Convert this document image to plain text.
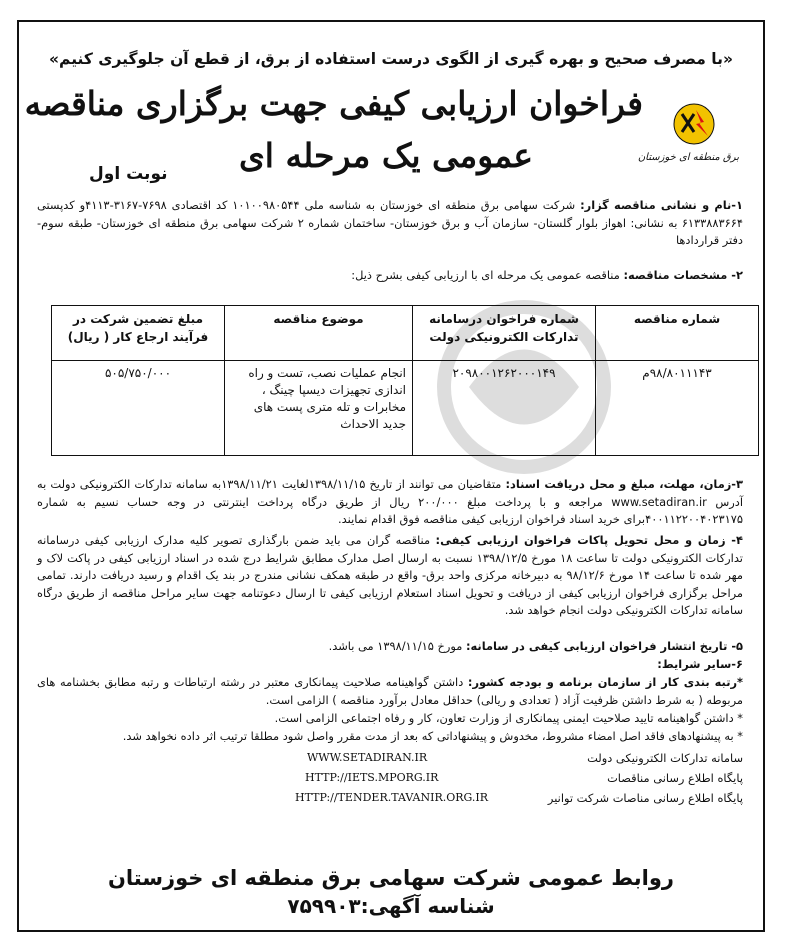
«با مصرف صحیح و بهره گیری از الگوی درست استفاده از برق، از قطع آن جلوگیری کنیم»
برق منطقه ای خوزستان
فراخوان ارزیابی کیفی جهت برگزاری مناقصه
عمومی یک مرحله ای
نوبت اول
۱-نام و نشانی مناقصه گزار: شرکت سهامی برق منطقه ای خوزستان به شناسه ملی ۱۰۱۰۰۹۸۰۵۴۴ کد اقتصادی ۷۶۹۸-۳۱۶۷-۴۱۱۳و کدپستی ۶۱۳۳۸۸۳۶۶۴ به نشانی: اهواز بلوار گلستان- سازمان آب و برق خوزستان- ساختمان شماره ۲ شرکت سهامی برق منطقه ای خوزستان- طبقه سوم- دفتر قراردادها
۲- مشخصات مناقصه: مناقصه عمومی یک مرحله ای با ارزیابی کیفی بشرح ذیل:
شماره مناقصه	شماره فراخوان درسامانه تدارکات الکترونیکی دولت	موضوع مناقصه	مبلغ تضمین شرکت در فرآیند ارجاع کار ( ریال)
۹۸/۸۰۱۱۱۴۳م	۲۰۹۸۰۰۱۲۶۲۰۰۰۱۴۹	انجام عملیات نصب، تست و راه اندازی تجهیزات دیسپا چینگ ، مخابرات و تله متری پست های جدید الاحداث	۵۰۵/۷۵۰/۰۰۰
۳-زمان، مهلت، مبلغ و محل دریافت اسناد: متقاضیان می توانند از تاریخ ۱۳۹۸/۱۱/۱۵لغایت ۱۳۹۸/۱۱/۲۱به سامانه تدارکات الکترونیکی دولت به آدرس www.setadiran.ir مراجعه و با پرداخت مبلغ ۲۰۰/۰۰۰ ریال از طریق درگاه پرداخت اینترنتی در وجه حساب نسیم به شماره ۴۰۰۱۱۲۲۰۰۴۰۲۳۱۷۵برای خرید اسناد فراخوان ارزیابی کیفی مناقصه فوق اقدام نمایند.
۴- زمان و محل تحویل پاکات فراخوان ارزیابی کیفی: مناقصه گران می باید ضمن بارگذاری تصویر کلیه مدارک ارزیابی کیفی درسامانه تدارکات الکترونیکی دولت تا ساعت ۱۸ مورخ ۱۳۹۸/۱۲/۵ نسبت به ارسال اصل مدارک مطابق شرایط درج شده در اسناد ارزیابی کیفی در پاکت لاک و مهر شده تا ساعت ۱۴ مورخ ۹۸/۱۲/۶ به دبیرخانه مرکزی واحد برق- واقع در طبقه همکف نشانی مندرج در بند یک اقدام و رسید دریافت دارند. تمامی مراحل برگزاری فراخوان ارزیابی کیفی از دریافت و تحویل اسناد استعلام ارزیابی کیفی تا ارسال دعوتنامه جهت سایر مراحل مناقصه از طریق درگاه سامانه تدارکات الکترونیکی دولت انجام خواهد شد.
۵- تاریخ انتشار فراخوان ارزیابی کیفی در سامانه: مورخ ۱۳۹۸/۱۱/۱۵ می باشد.
۶-سایر شرایط:
*رتبه بندی کار از سازمان برنامه و بودجه کشور: داشتن گواهینامه صلاحیت پیمانکاری معتبر در رشته ارتباطات و رتبه مطابق بخشنامه های مربوطه ( به شرط داشتن ظرفیت آزاد ( تعدادی و ریالی) حداقل معادل برآورد مناقصه ) الزامی است.
* داشتن گواهینامه تایید صلاحیت ایمنی پیمانکاری از وزارت تعاون، کار و رفاه اجتماعی الزامی است.
* به پیشنهادهای فاقد اصل امضاء مشروط، مخدوش و پیشنهاداتی که بعد از مدت مقرر واصل شود مطلقا ترتیب اثر داده نخواهد شد.
سامانه تدارکات الکترونیکی دولت
WWW.SETADIRAN.IR
پایگاه اطلاع رسانی مناقصات
HTTP://IETS.MPORG.IR
پایگاه اطلاع رسانی مناصات شرکت توانیر
HTTP://TENDER.TAVANIR.ORG.IR
روابط عمومی شرکت سهامی برق منطقه ای خوزستان
شناسه آگهی:۷۵۹۹۰۳
